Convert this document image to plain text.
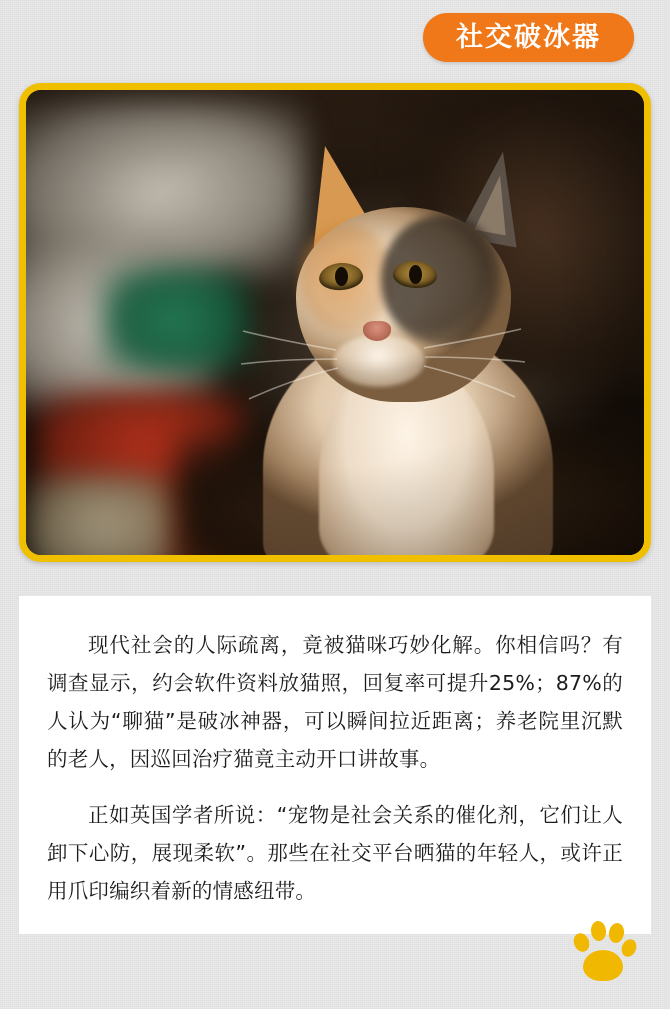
社交破冰器

现代社会的人际疏离，竟被猫咪巧妙化解。你相信吗？有调查显示，约会软件资料放猫照，回复率可提升25%；87%的人认为“聊猫”是破冰神器，可以瞬间拉近距离；养老院里沉默的老人，因巡回治疗猫竟主动开口讲故事。

正如英国学者所说：“宠物是社会关系的催化剂，它们让人卸下心防，展现柔软”。那些在社交平台晒猫的年轻人，或许正用爪印编织着新的情感纽带。
